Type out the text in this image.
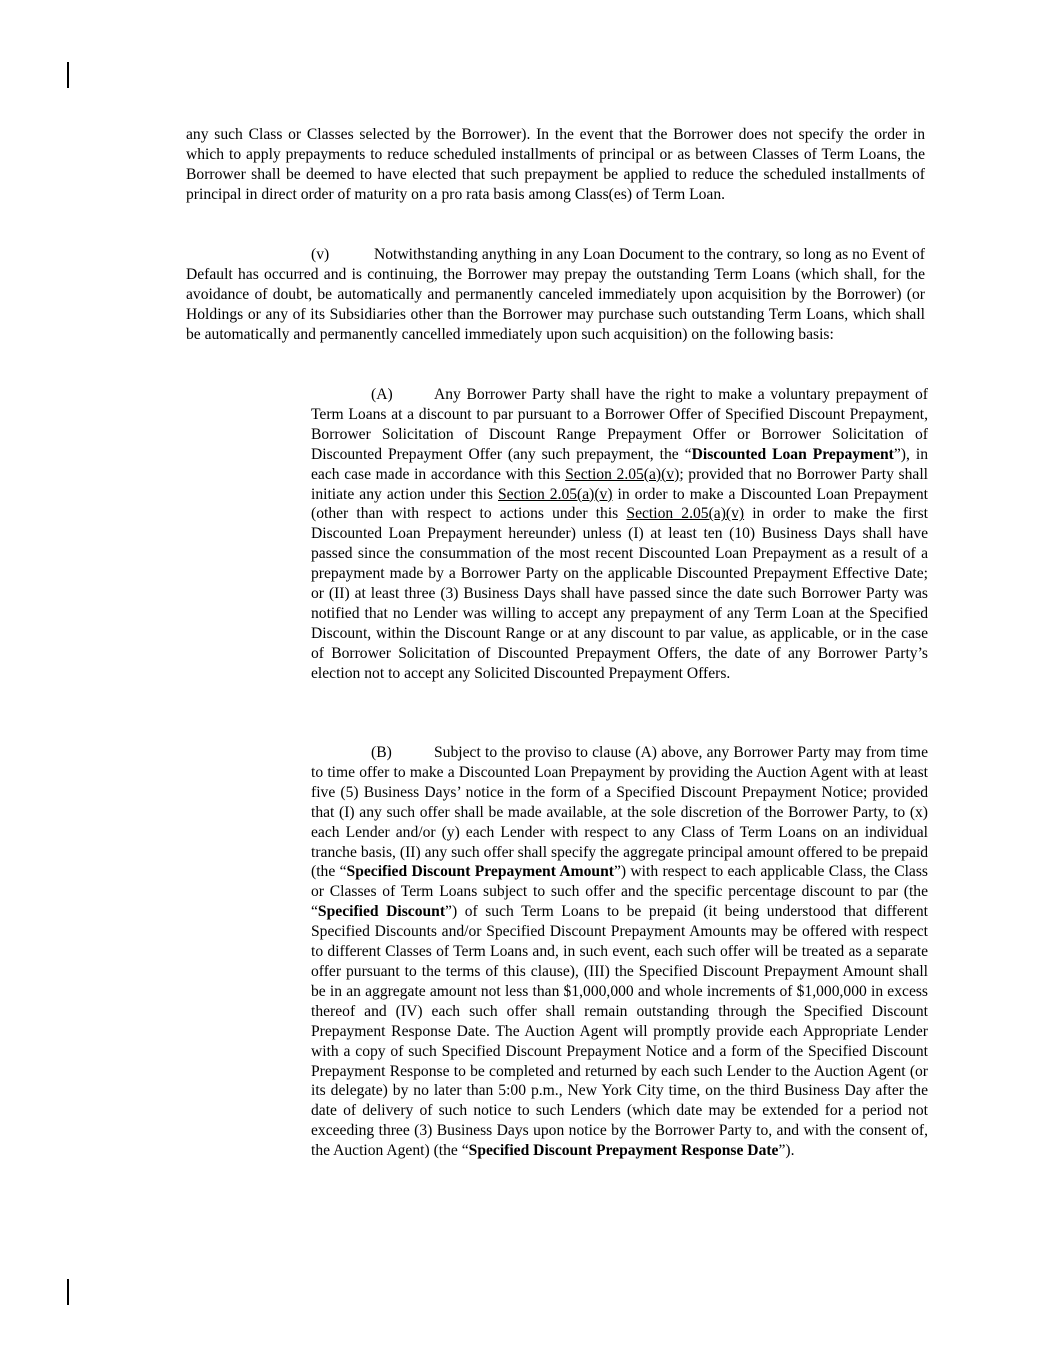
any such Class or Classes selected by the Borrower). In the event that the Borrower does not specify the order in which to apply prepayments to reduce scheduled installments of principal or as between Classes of Term Loans, the Borrower shall be deemed to have elected that such prepayment be applied to reduce the scheduled installments of principal in direct order of maturity on a pro rata basis among Class(es) of Term Loan.

(v)	Notwithstanding anything in any Loan Document to the contrary, so long as no Event of Default has occurred and is continuing, the Borrower may prepay the outstanding Term Loans (which shall, for the avoidance of doubt, be automatically and permanently canceled immediately upon acquisition by the Borrower) (or Holdings or any of its Subsidiaries other than the Borrower may purchase such outstanding Term Loans, which shall be automatically and permanently cancelled immediately upon such acquisition) on the following basis:

(A)	Any Borrower Party shall have the right to make a voluntary prepayment of Term Loans at a discount to par pursuant to a Borrower Offer of Specified Discount Prepayment, Borrower Solicitation of Discount Range Prepayment Offer or Borrower Solicitation of Discounted Prepayment Offer (any such prepayment, the “Discounted Loan Prepayment”), in each case made in accordance with this Section 2.05(a)(v); provided that no Borrower Party shall initiate any action under this Section 2.05(a)(v) in order to make a Discounted Loan Prepayment (other than with respect to actions under this Section 2.05(a)(v) in order to make the first Discounted Loan Prepayment hereunder) unless (I) at least ten (10) Business Days shall have passed since the consummation of the most recent Discounted Loan Prepayment as a result of a prepayment made by a Borrower Party on the applicable Discounted Prepayment Effective Date; or (II) at least three (3) Business Days shall have passed since the date such Borrower Party was notified that no Lender was willing to accept any prepayment of any Term Loan at the Specified Discount, within the Discount Range or at any discount to par value, as applicable, or in the case of Borrower Solicitation of Discounted Prepayment Offers, the date of any Borrower Party’s election not to accept any Solicited Discounted Prepayment Offers.

(B)	Subject to the proviso to clause (A) above, any Borrower Party may from time to time offer to make a Discounted Loan Prepayment by providing the Auction Agent with at least five (5) Business Days’ notice in the form of a Specified Discount Prepayment Notice; provided that (I) any such offer shall be made available, at the sole discretion of the Borrower Party, to (x) each Lender and/or (y) each Lender with respect to any Class of Term Loans on an individual tranche basis, (II) any such offer shall specify the aggregate principal amount offered to be prepaid (the “Specified Discount Prepayment Amount”) with respect to each applicable Class, the Class or Classes of Term Loans subject to such offer and the specific percentage discount to par (the “Specified Discount”) of such Term Loans to be prepaid (it being understood that different Specified Discounts and/or Specified Discount Prepayment Amounts may be offered with respect to different Classes of Term Loans and, in such event, each such offer will be treated as a separate offer pursuant to the terms of this clause), (III) the Specified Discount Prepayment Amount shall be in an aggregate amount not less than $1,000,000 and whole increments of $1,000,000 in excess thereof and (IV) each such offer shall remain outstanding through the Specified Discount Prepayment Response Date. The Auction Agent will promptly provide each Appropriate Lender with a copy of such Specified Discount Prepayment Notice and a form of the Specified Discount Prepayment Response to be completed and returned by each such Lender to the Auction Agent (or its delegate) by no later than 5:00 p.m., New York City time, on the third Business Day after the date of delivery of such notice to such Lenders (which date may be extended for a period not exceeding three (3) Business Days upon notice by the Borrower Party to, and with the consent of, the Auction Agent) (the “Specified Discount Prepayment Response Date”).
